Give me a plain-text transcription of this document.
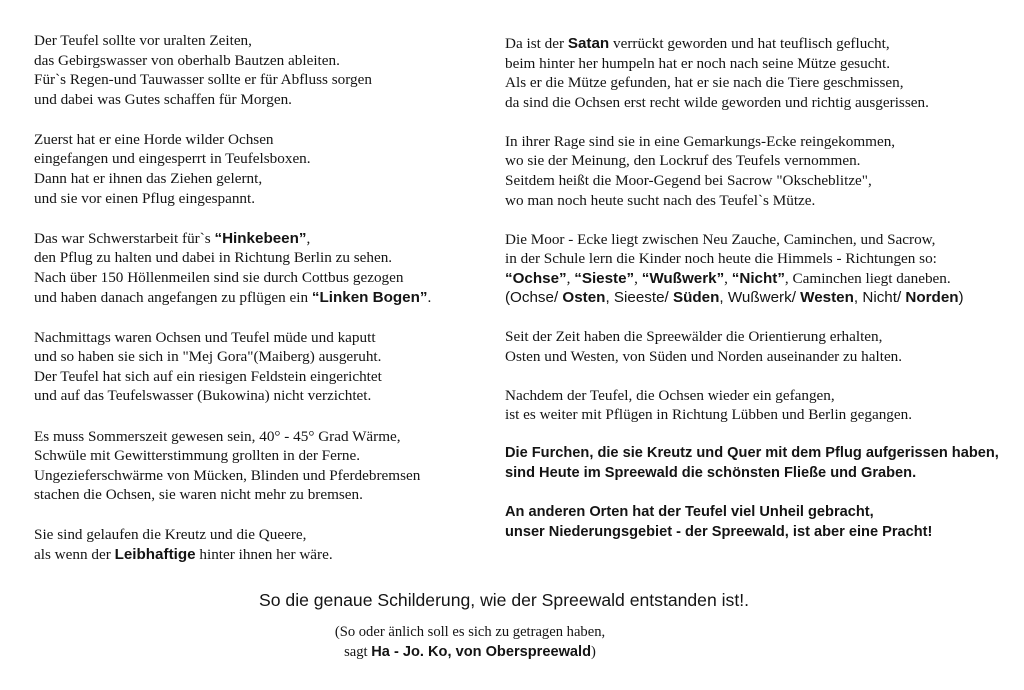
Der Teufel sollte vor uralten Zeiten,
das Gebirgswasser von oberhalb Bautzen ableiten.
Für`s Regen-und Tauwasser sollte er für Abfluss sorgen
und dabei was Gutes schaffen für Morgen.

Zuerst hat er eine Horde wilder Ochsen
eingefangen und eingesperrt in Teufelsboxen.
Dann hat er ihnen das Ziehen gelernt,
und sie vor einen Pflug eingespannt.

Das war Schwerstarbeit für`s “Hinkebeen”,
den Pflug zu halten und dabei in Richtung Berlin zu sehen.
Nach über 150 Höllenmeilen sind sie durch Cottbus gezogen
und haben danach angefangen zu pflügen ein “Linken Bogen”.

Nachmittags waren Ochsen und Teufel müde und kaputt
und so haben sie sich in "Mej Gora"(Maiberg) ausgeruht.
Der Teufel hat sich auf ein riesigen Feldstein eingerichtet
und auf das Teufelswasser (Bukowina) nicht verzichtet.

Es muss Sommerszeit gewesen sein, 40° - 45° Grad Wärme,
Schwüle mit Gewitterstimmung grollten in der Ferne.
Ungezieferschwärme von Mücken, Blinden und Pferdebremsen
stachen die Ochsen, sie waren nicht mehr zu bremsen.

Sie sind gelaufen die Kreutz und die Queere,
als wenn der Leibhaftige hinter ihnen her wäre.

Da ist der Satan verrückt geworden und hat teuflisch geflucht,
beim hinter her humpeln hat er noch nach seine Mütze gesucht.
Als er die Mütze gefunden, hat er sie nach die Tiere geschmissen,
da sind die Ochsen erst recht wilde geworden und richtig ausgerissen.

In ihrer Rage sind sie in eine Gemarkungs-Ecke reingekommen,
wo sie der Meinung, den Lockruf des Teufels vernommen.
Seitdem heißt die Moor-Gegend bei Sacrow "Okscheblitze",
wo man noch heute sucht nach des Teufel`s Mütze.

Die Moor - Ecke liegt zwischen Neu Zauche, Caminchen, und Sacrow,
in der Schule lern die Kinder noch heute die Himmels - Richtungen so:
“Ochse”, “Sieste”, “Wußwerk”, “Nicht”, Caminchen liegt daneben.
(Ochse/ Osten, Sieeste/ Süden, Wußwerk/ Westen, Nicht/ Norden)

Seit der Zeit haben die Spreewälder die Orientierung erhalten,
Osten und Westen, von Süden und Norden auseinander zu halten.

Nachdem der Teufel, die Ochsen wieder ein gefangen,
ist es weiter mit Pflügen in Richtung Lübben und Berlin gegangen.

Die Furchen, die sie Kreutz und Quer mit dem Pflug aufgerissen haben,
sind Heute im Spreewald die schönsten Fließe und Graben.

An anderen Orten hat der Teufel viel Unheil gebracht,
unser Niederungsgebiet - der Spreewald, ist aber eine Pracht!

So die genaue Schilderung, wie der Spreewald entstanden ist!.
(So oder änlich soll es sich zu getragen haben,
sagt Ha - Jo. Ko, von Oberspreewald)
